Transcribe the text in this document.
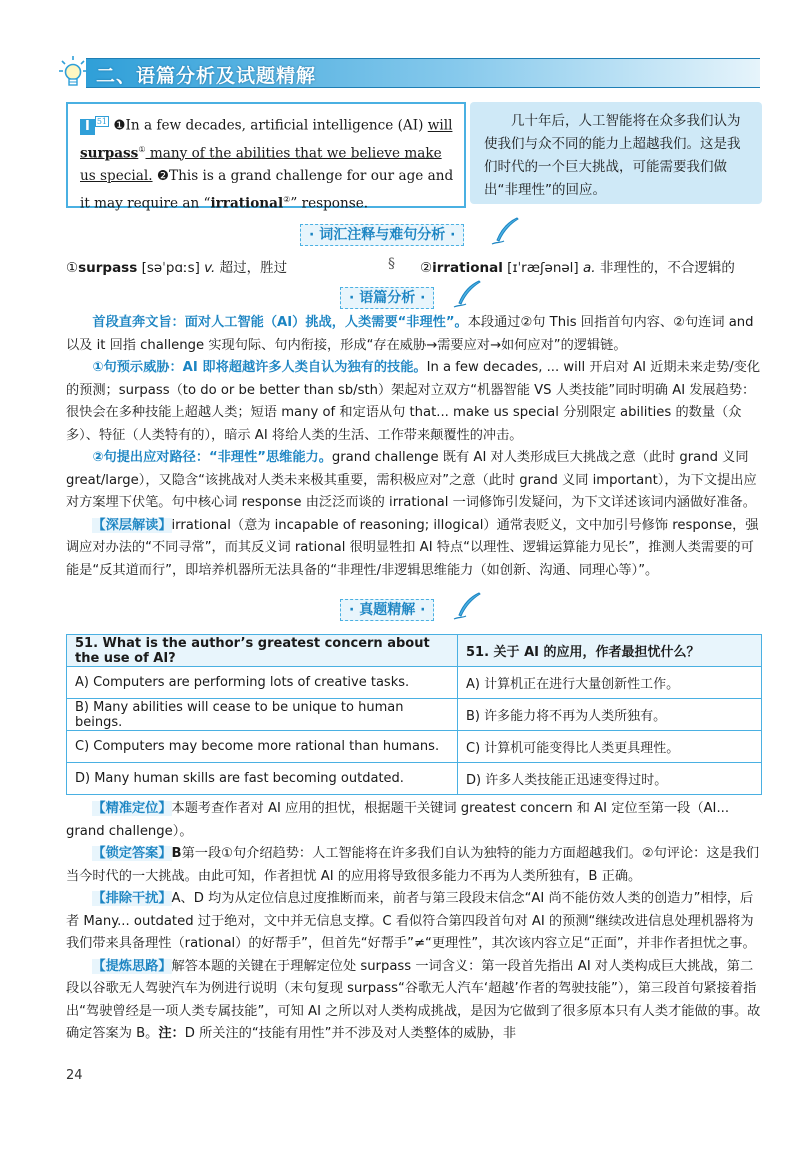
二、语篇分析及试题精解

I $^{51}$ ❶In a few decades, artificial intelligence (AI) will surpass① many of the abilities that we believe make us special. ❷This is a grand challenge for our age and it may require an “irrational②” response.

几十年后，人工智能将在众多我们认为使我们与众不同的能力上超越我们。这是我们时代的一个巨大挑战，可能需要我们做出“非理性”的回应。

· 词汇注释与难句分析 ·
①surpass [səˈpɑːs] v. 超过，胜过	§	②irrational [ɪˈræʃənəl] a. 非理性的，不合逻辑的
· 语篇分析 ·

首段直奔文旨：面对人工智能（AI）挑战，人类需要“非理性”。本段通过②句 This 回指首句内容、②句连词 and 以及 it 回指 challenge 实现句际、句内衔接，形成“存在威胁→需要应对→如何应对”的逻辑链。

①句预示威胁：AI 即将超越许多人类自认为独有的技能。In a few decades, ... will 开启对 AI 近期未来走势/变化的预测；surpass（to do or be better than sb/sth）架起对立双方“机器智能 VS 人类技能”同时明确 AI 发展趋势：很快会在多种技能上超越人类；短语 many of 和定语从句 that... make us special 分别限定 abilities 的数量（众多）、特征（人类特有的），暗示 AI 将给人类的生活、工作带来颠覆性的冲击。

②句提出应对路径：“非理性”思维能力。grand challenge 既有 AI 对人类形成巨大挑战之意（此时 grand 义同 great/large），又隐含“该挑战对人类未来极其重要，需积极应对”之意（此时 grand 义同 important），为下文提出应对方案埋下伏笔。句中核心词 response 由泛泛而谈的 irrational 一词修饰引发疑问，为下文详述该词内涵做好准备。

【深层解读】irrational（意为 incapable of reasoning; illogical）通常表贬义，文中加引号修饰 response，强调应对办法的“不同寻常”，而其反义词 rational 很明显牲扣 AI 特点“以理性、逻辑运算能力见长”，推测人类需要的可能是“反其道而行”，即培养机器所无法具备的“非理性/非逻辑思维能力（如创新、沟通、同理心等）”。

· 真题精解 ·
51. What is the author’s greatest concern about the use of AI?	51. 关于 AI 的应用，作者最担忧什么？
A) Computers are performing lots of creative tasks.	A) 计算机正在进行大量创新性工作。
B) Many abilities will cease to be unique to human beings.	B) 许多能力将不再为人类所独有。
C) Computers may become more rational than humans.	C) 计算机可能变得比人类更具理性。
D) Many human skills are fast becoming outdated.	D) 许多人类技能正迅速变得过时。

【精准定位】本题考查作者对 AI 应用的担忧，根据题干关键词 greatest concern 和 AI 定位至第一段（AI... grand challenge）。

【锁定答案】B第一段①句介绍趋势：人工智能将在许多我们自认为独特的能力方面超越我们。②句评论：这是我们当今时代的一大挑战。由此可知，作者担忧 AI 的应用将导致很多能力不再为人类所独有，B 正确。

【排除干扰】A、D 均为从定位信息过度推断而来，前者与第三段段末信念“AI 尚不能仿效人类的创造力”相悖，后者 Many... outdated 过于绝对，文中并无信息支撑。C 看似符合第四段首句对 AI 的预测“继续改进信息处理机器将为我们带来具备理性（rational）的好帮手”，但首先“好帮手”≠“更理性”，其次该内容立足“正面”，并非作者担忧之事。

【提炼思路】解答本题的关键在于理解定位处 surpass 一词含义：第一段首先指出 AI 对人类构成巨大挑战，第二段以谷歌无人驾驶汽车为例进行说明（末句复现 surpass“谷歌无人汽车‘超越’作者的驾驶技能”），第三段首句紧接着指出“驾驶曾经是一项人类专属技能”，可知 AI 之所以对人类构成挑战，是因为它做到了很多原本只有人类才能做的事。故确定答案为 B。注：D 所关注的“技能有用性”并不涉及对人类整体的威胁，非

24
